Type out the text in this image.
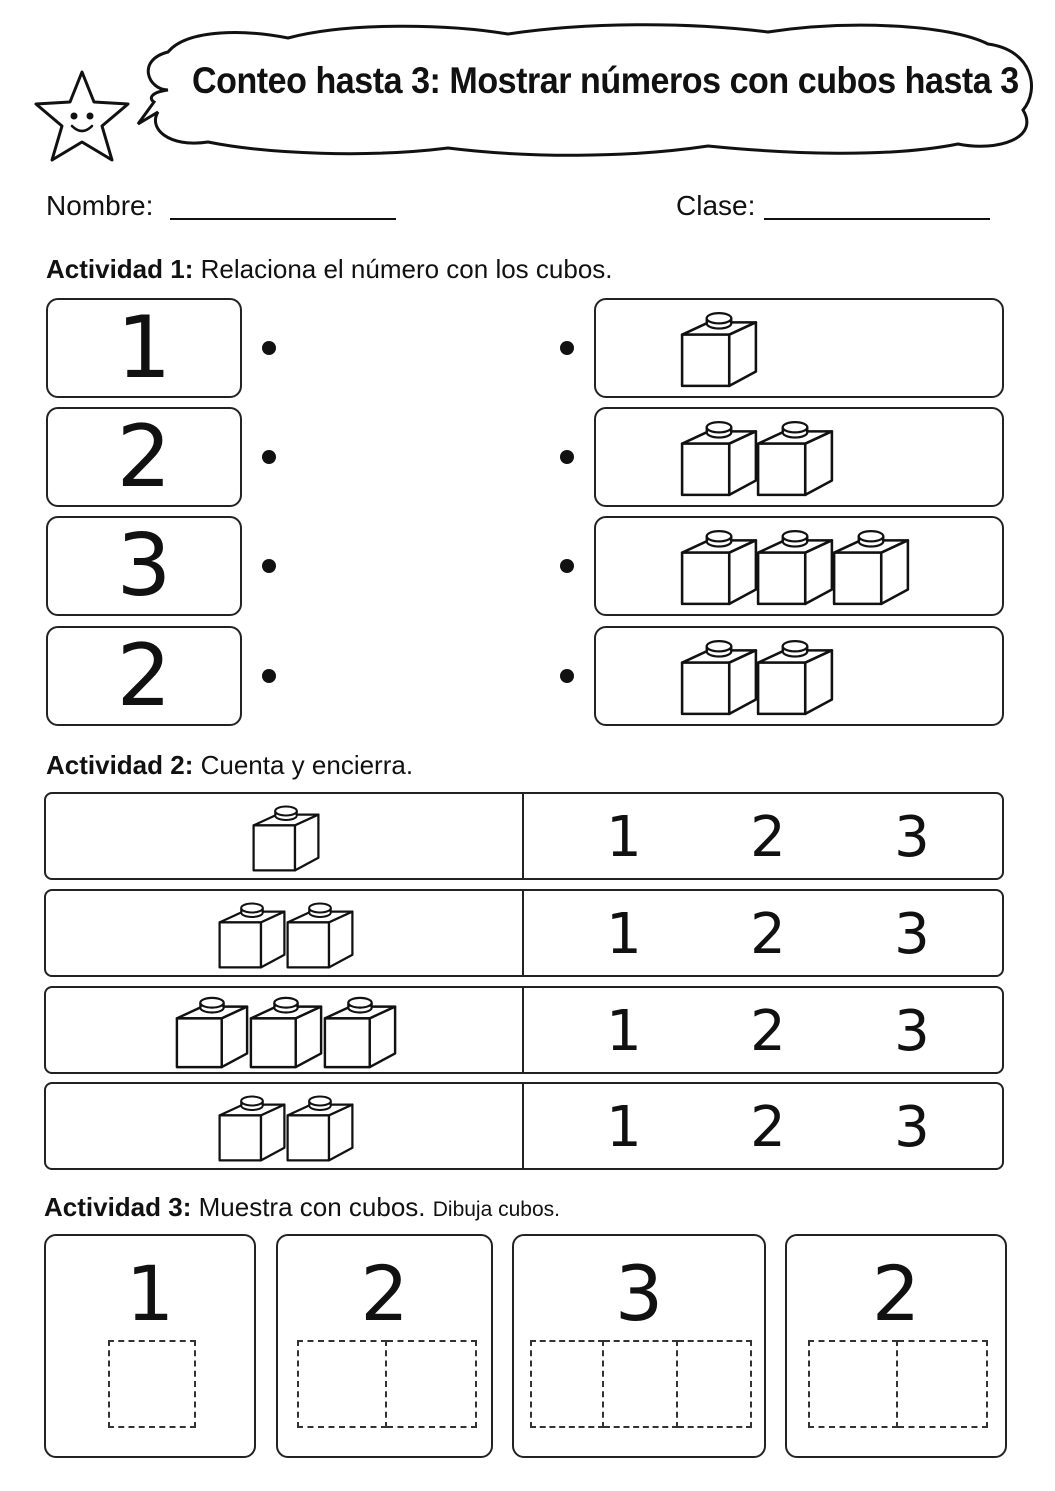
Conteo hasta 3: Mostrar números con cubos hasta 3
Nombre:	Clase:
Actividad 1: Relaciona el número con los cubos.
1
2
3
2
Actividad 2: Cuenta y encierra.
1 2 3
1 2 3
1 2 3
1 2 3
Actividad 3: Muestra con cubos. Dibuja cubos.
1	2	3	2
